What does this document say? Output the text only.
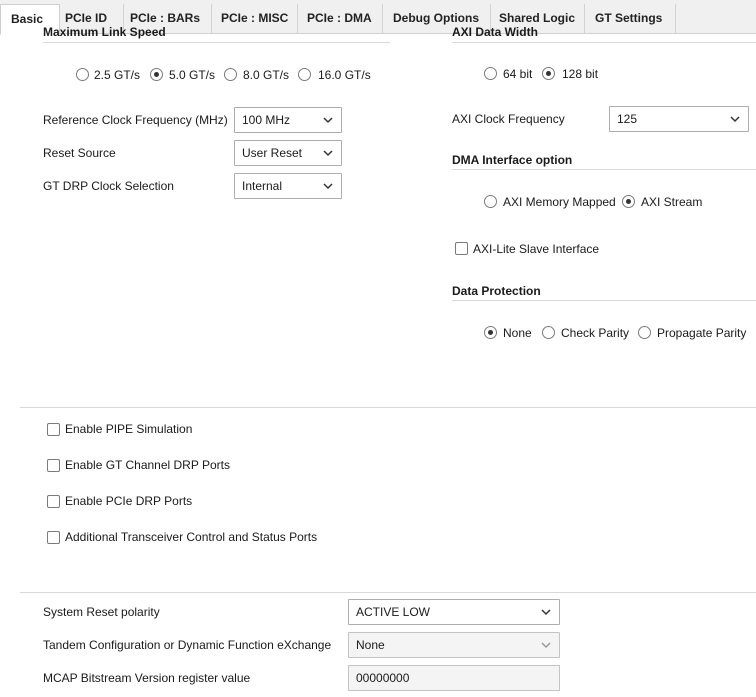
Basic	PCIe ID	PCIe : BARs	PCIe : MISC	PCIe : DMA	Debug Options	Shared Logic	GT Settings
Maximum Link Speed
2.5 GT/s 5.0 GT/s 8.0 GT/s 16.0 GT/s
Reference Clock Frequency (MHz) 100 MHz
Reset Source	User Reset
GT DRP Clock Selection	Internal
AXI Data Width
64 bit 128 bit
AXI Clock Frequency	125
DMA Interface option
AXI Memory Mapped AXI Stream
AXI-Lite Slave Interface
Data Protection
None Check Parity Propagate Parity
Enable PIPE Simulation
Enable GT Channel DRP Ports
Enable PCIe DRP Ports
Additional Transceiver Control and Status Ports
System Reset polarity	ACTIVE LOW
Tandem Configuration or Dynamic Function eXchange None
MCAP Bitstream Version register value	00000000
